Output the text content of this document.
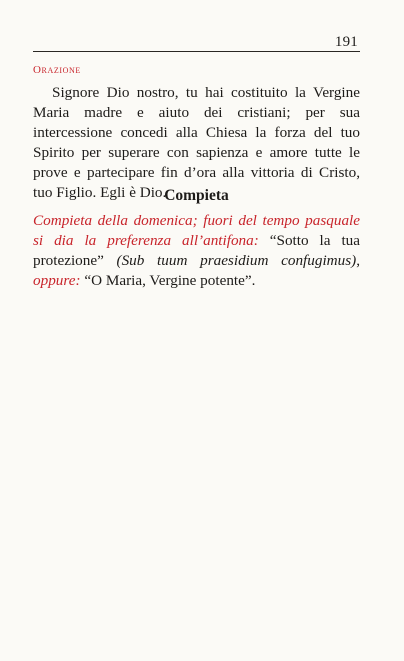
191
Orazione
Signore Dio nostro, tu hai costituito la Vergine Maria madre e aiuto dei cristiani; per sua intercessione concedi alla Chiesa la forza del tuo Spirito per superare con sapienza e amore tutte le prove e partecipare fin d’ora alla vittoria di Cristo, tuo Figlio. Egli è Dio.
Compieta
Compieta della domenica; fuori del tempo pasquale si dia la preferenza all’antifona: “Sotto la tua protezione” (Sub tuum praesidium confugimus), oppure: “O Maria, Vergine potente”.
